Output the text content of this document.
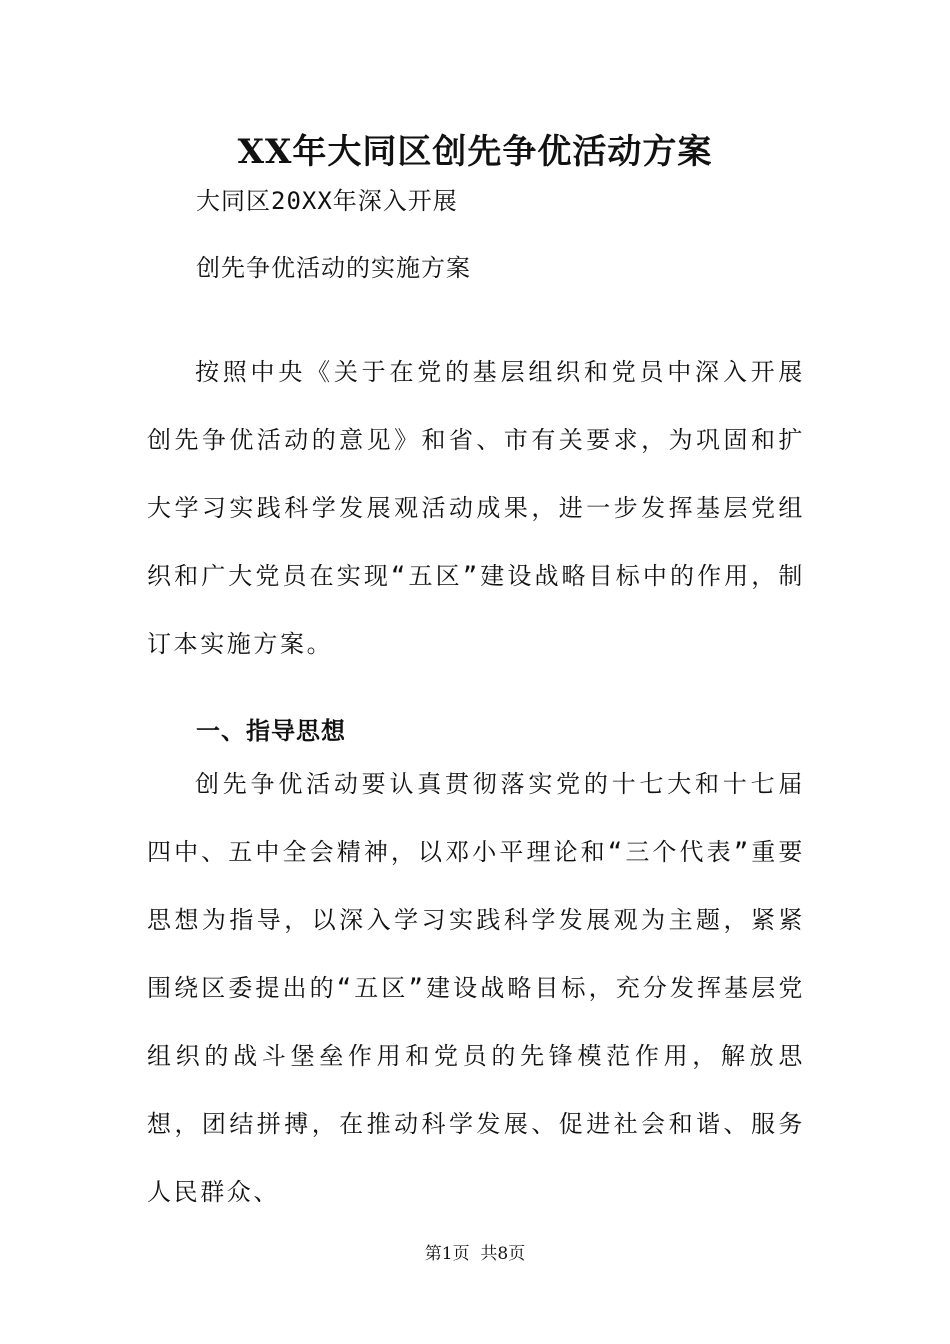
XX年大同区创先争优活动方案
大同区20XX年深入开展
创先争优活动的实施方案

按照中央《关于在党的基层组织和党员中深入开展创先争优活动的意见》和省、市有关要求，为巩固和扩大学习实践科学发展观活动成果，进一步发挥基层党组织和广大党员在实现“五区”建设战略目标中的作用，制订本实施方案。

一、指导思想

创先争优活动要认真贯彻落实党的十七大和十七届四中、五中全会精神，以邓小平理论和“三个代表”重要思想为指导，以深入学习实践科学发展观为主题，紧紧围绕区委提出的“五区”建设战略目标，充分发挥基层党组织的战斗堡垒作用和党员的先锋模范作用，解放思想，团结拼搏，在推动科学发展、促进社会和谐、服务人民群众、

第1页  共8页
